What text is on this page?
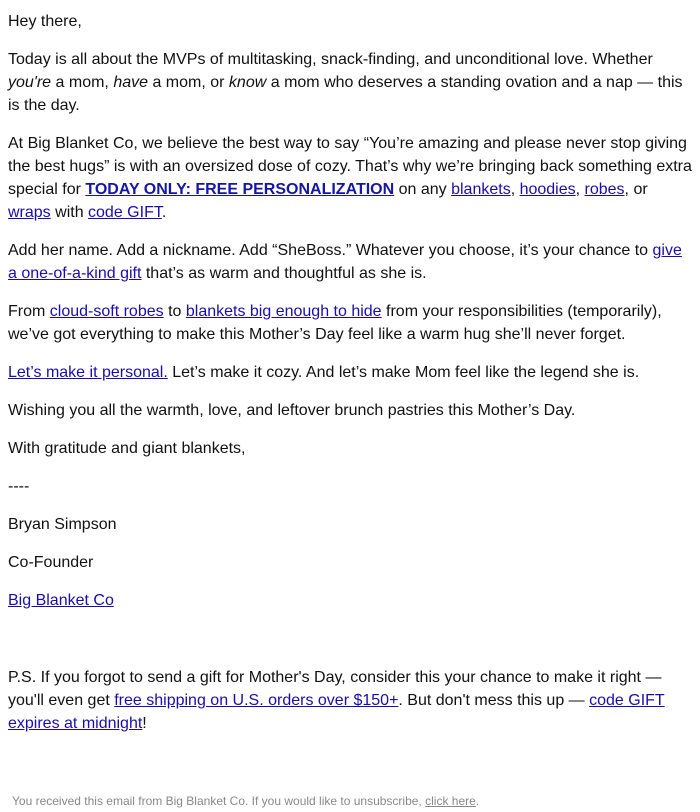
Hey there,

Today is all about the MVPs of multitasking, snack-finding, and unconditional love. Whether you're a mom, have a mom, or know a mom who deserves a standing ovation and a nap — this is the day.

At Big Blanket Co, we believe the best way to say “You’re amazing and please never stop giving the best hugs” is with an oversized dose of cozy. That’s why we’re bringing back something extra special for TODAY ONLY: FREE PERSONALIZATION on any blankets, hoodies, robes, or wraps with code GIFT.

Add her name. Add a nickname. Add “SheBoss.” Whatever you choose, it’s your chance to give a one-of-a-kind gift that’s as warm and thoughtful as she is.

From cloud-soft robes to blankets big enough to hide from your responsibilities (temporarily), we’ve got everything to make this Mother’s Day feel like a warm hug she’ll never forget.

Let’s make it personal. Let’s make it cozy. And let’s make Mom feel like the legend she is.

Wishing you all the warmth, love, and leftover brunch pastries this Mother’s Day.

With gratitude and giant blankets,

----

Bryan Simpson

Co-Founder

Big Blanket Co

P.S. If you forgot to send a gift for Mother's Day, consider this your chance to make it right — you'll even get free shipping on U.S. orders over $150+. But don't mess this up — code GIFT expires at midnight!

You received this email from Big Blanket Co. If you would like to unsubscribe, click here.
